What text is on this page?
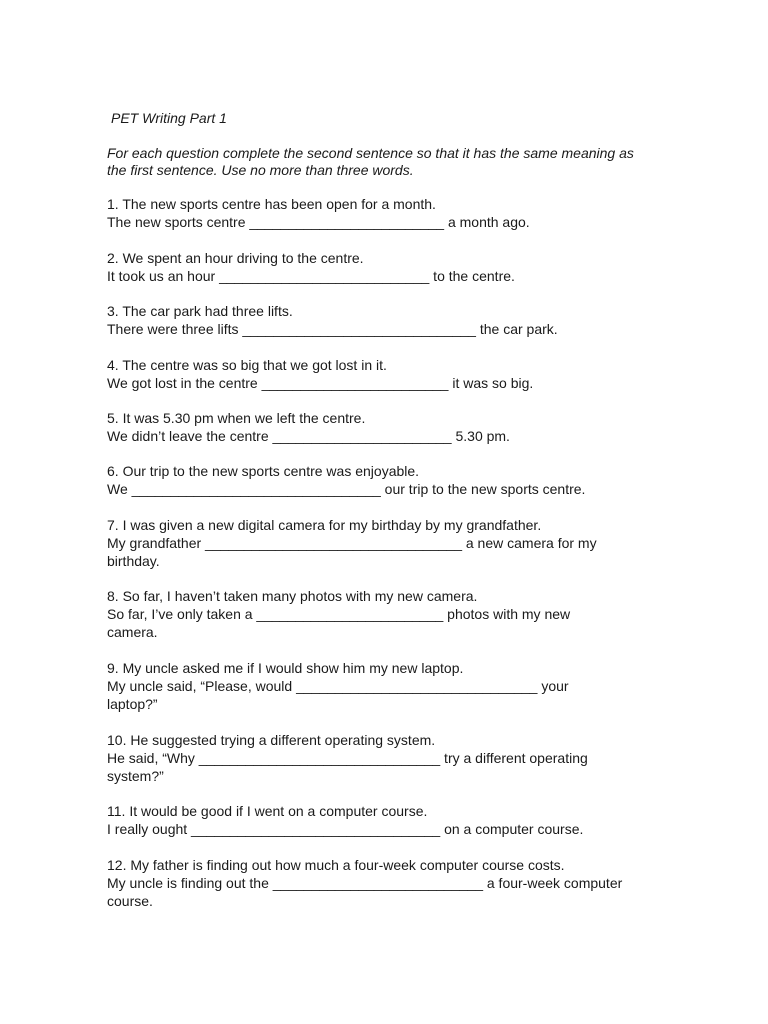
PET Writing Part 1
For each question complete the second sentence so that it has the same meaning as
the first sentence. Use no more than three words.
1. The new sports centre has been open for a month.
The new sports centre _________________________ a month ago.
2. We spent an hour driving to the centre.
It took us an hour ___________________________ to the centre.
3. The car park had three lifts.
There were three lifts ______________________________ the car park.
4. The centre was so big that we got lost in it.
We got lost in the centre ________________________ it was so big.
5. It was 5.30 pm when we left the centre.
We didn’t leave the centre _______________________ 5.30 pm.
6. Our trip to the new sports centre was enjoyable.
We ________________________________ our trip to the new sports centre.
7. I was given a new digital camera for my birthday by my grandfather.
My grandfather _________________________________ a new camera for my
birthday.
8. So far, I haven’t taken many photos with my new camera.
So far, I’ve only taken a ________________________ photos with my new
camera.
9. My uncle asked me if I would show him my new laptop.
My uncle said, “Please, would _______________________________ your
laptop?”
10. He suggested trying a different operating system.
He said, “Why _______________________________ try a different operating
system?”
11. It would be good if I went on a computer course.
I really ought ________________________________ on a computer course.
12. My father is finding out how much a four-week computer course costs.
My uncle is finding out the ___________________________ a four-week computer
course.
